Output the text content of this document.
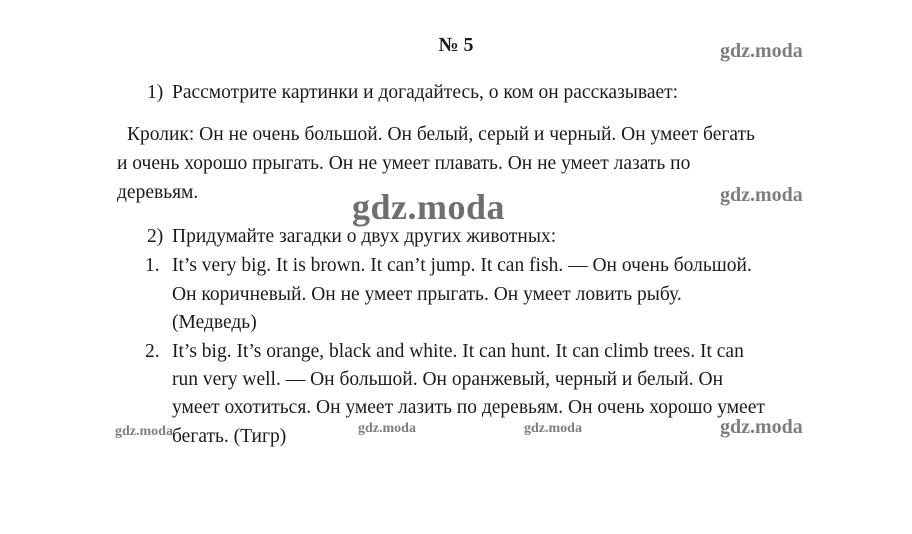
№ 5
1) Рассмотрите картинки и догадайтесь, о ком он рассказывает:
Кролик: Он не очень большой. Он белый, серый и черный. Он умеет бегать
и очень хорошо прыгать. Он не умеет плавать. Он не умеет лазать по
деревьям.
2) Придумайте загадки о двух других животных:
1. It’s very big. It is brown. It can’t jump. It can fish. — Он очень большой.
Он коричневый. Он не умеет прыгать. Он умеет ловить рыбу.
(Медведь)
2. It’s big. It’s orange, black and white. It can hunt. It can climb trees. It can
run very well. — Он большой. Он оранжевый, черный и белый. Он
умеет охотиться. Он умеет лазить по деревьям. Он очень хорошо умеет
бегать. (Тигр)
gdz.moda
gdz.moda
gdz.moda
gdz.moda	gdz.moda	gdz.moda	gdz.moda
